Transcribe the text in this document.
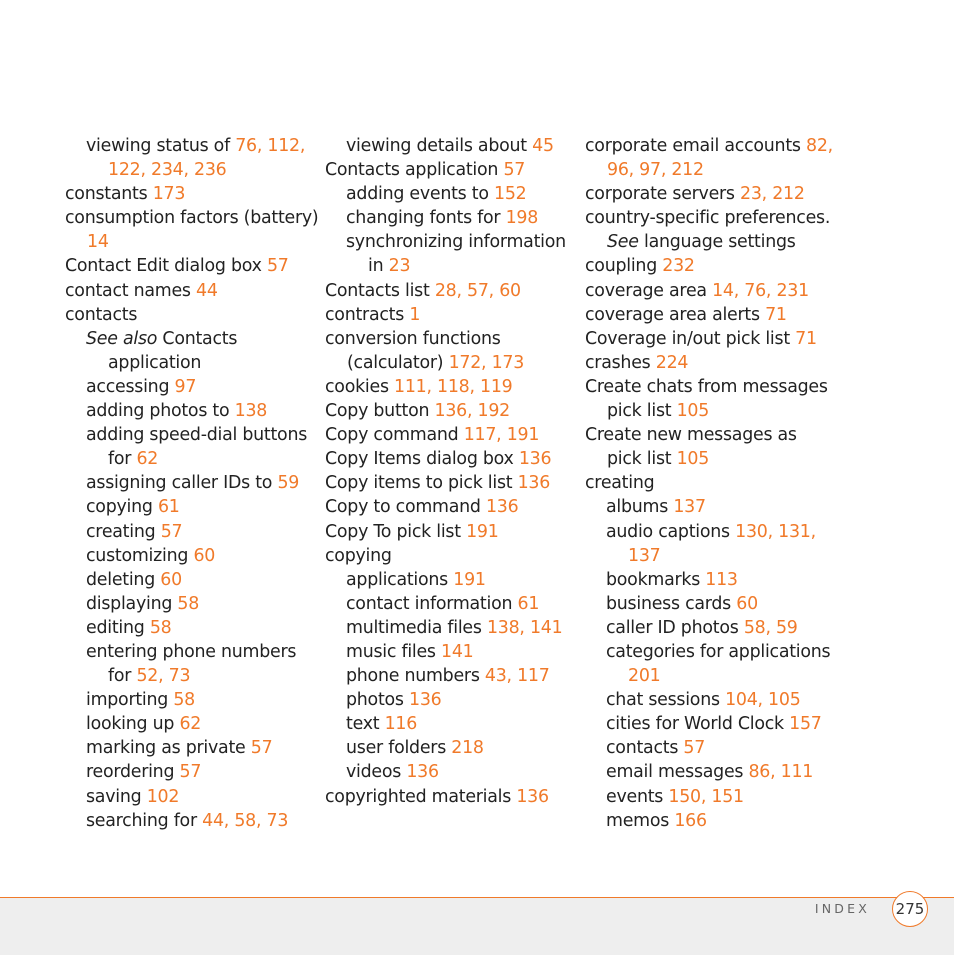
viewing status of 76, 112,
122, 234, 236
constants 173
consumption factors (battery)
14
Contact Edit dialog box 57
contact names 44
contacts
See also Contacts
application
accessing 97
adding photos to 138
adding speed-dial buttons
for 62
assigning caller IDs to 59
copying 61
creating 57
customizing 60
deleting 60
displaying 58
editing 58
entering phone numbers
for 52, 73
importing 58
looking up 62
marking as private 57
reordering 57
saving 102
searching for 44, 58, 73
viewing details about 45
Contacts application 57
adding events to 152
changing fonts for 198
synchronizing information
in 23
Contacts list 28, 57, 60
contracts 1
conversion functions
(calculator) 172, 173
cookies 111, 118, 119
Copy button 136, 192
Copy command 117, 191
Copy Items dialog box 136
Copy items to pick list 136
Copy to command 136
Copy To pick list 191
copying
applications 191
contact information 61
multimedia files 138, 141
music files 141
phone numbers 43, 117
photos 136
text 116
user folders 218
videos 136
copyrighted materials 136
corporate email accounts 82,
96, 97, 212
corporate servers 23, 212
country-specific preferences.
See language settings
coupling 232
coverage area 14, 76, 231
coverage area alerts 71
Coverage in/out pick list 71
crashes 224
Create chats from messages
pick list 105
Create new messages as
pick list 105
creating
albums 137
audio captions 130, 131,
137
bookmarks 113
business cards 60
caller ID photos 58, 59
categories for applications
201
chat sessions 104, 105
cities for World Clock 157
contacts 57
email messages 86, 111
events 150, 151
memos 166
INDEX 275
